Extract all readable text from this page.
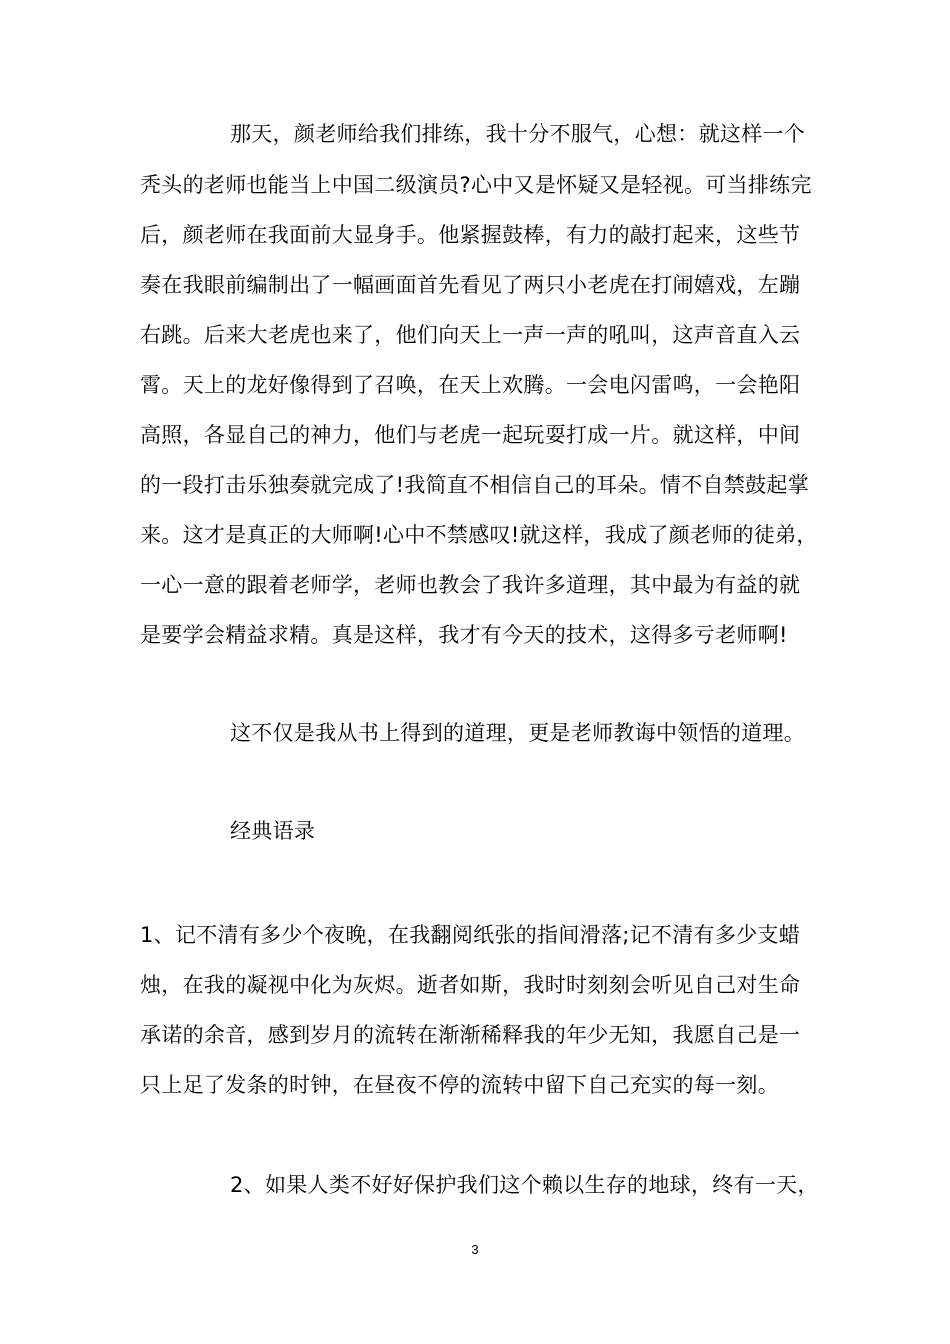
那天，颜老师给我们排练，我十分不服气，心想：就这样一个
秃头的老师也能当上中国二级演员?心中又是怀疑又是轻视。可当排练完
后，颜老师在我面前大显身手。他紧握鼓棒，有力的敲打起来，这些节
奏在我眼前编制出了一幅画面首先看见了两只小老虎在打闹嬉戏，左蹦
右跳。后来大老虎也来了，他们向天上一声一声的吼叫，这声音直入云
霄。天上的龙好像得到了召唤，在天上欢腾。一会电闪雷鸣，一会艳阳
高照，各显自己的神力，他们与老虎一起玩耍打成一片。就这样，中间
的一段打击乐独奏就完成了!我简直不相信自己的耳朵。情不自禁鼓起掌
来。这才是真正的大师啊!心中不禁感叹!就这样，我成了颜老师的徒弟，
一心一意的跟着老师学，老师也教会了我许多道理，其中最为有益的就
是要学会精益求精。真是这样，我才有今天的技术，这得多亏老师啊!
这不仅是我从书上得到的道理，更是老师教诲中领悟的道理。
经典语录
1、记不清有多少个夜晚，在我翻阅纸张的指间滑落;记不清有多少支蜡
烛，在我的凝视中化为灰烬。逝者如斯，我时时刻刻会听见自己对生命
承诺的余音，感到岁月的流转在渐渐稀释我的年少无知，我愿自己是一
只上足了发条的时钟，在昼夜不停的流转中留下自己充实的每一刻。
2、如果人类不好好保护我们这个赖以生存的地球，终有一天，
3
